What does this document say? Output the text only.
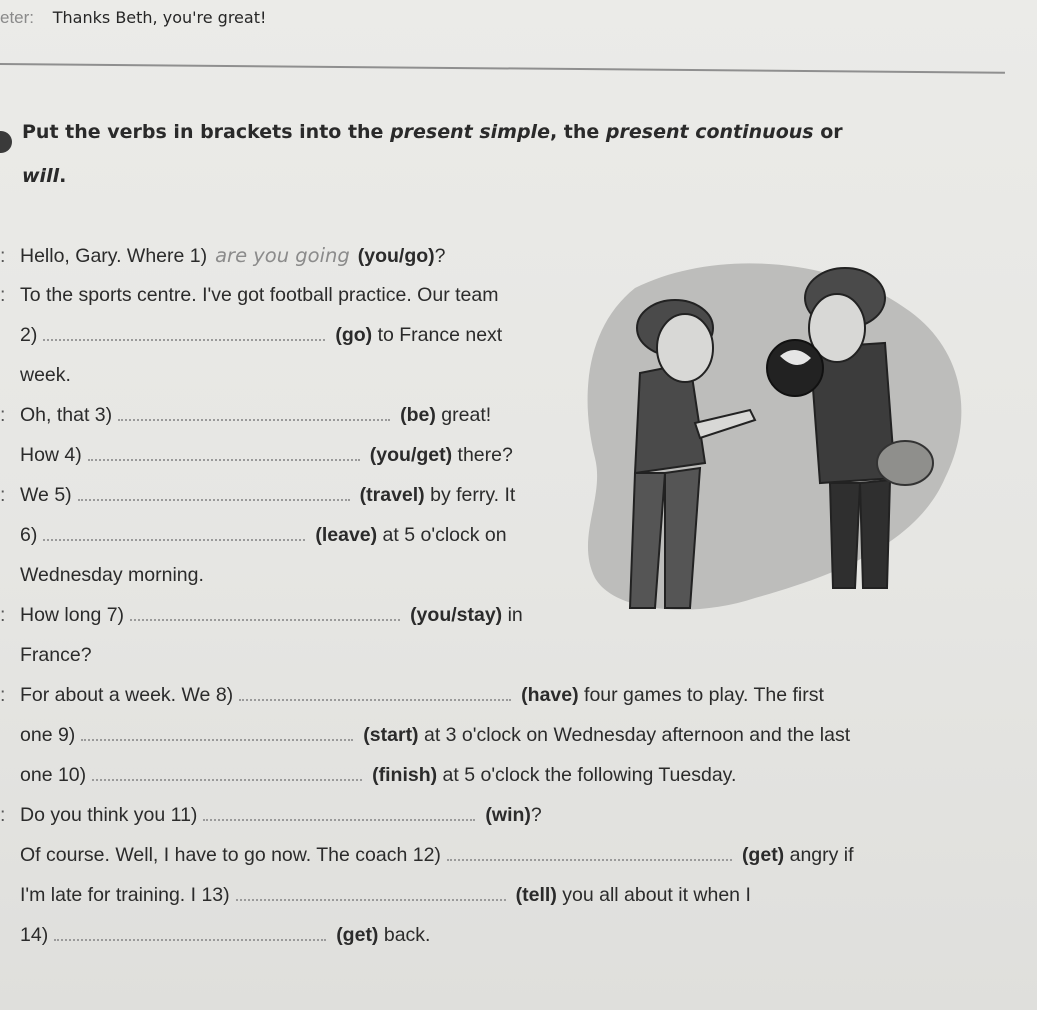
eter: Thanks Beth, you're great!
Put the verbs in brackets into the present simple, the present continuous or
will.
: Hello, Gary. Where 1) are you going (you/go)?
: To the sports centre. I've got football practice. Our team
2)	(go) to France next
week.
: Oh, that 3)	(be) great!
How 4)	(you/get) there?
: We 5)	(travel) by ferry. It
6)	(leave) at 5 o'clock on
Wednesday morning.
: How long 7)	(you/stay) in
France?
: For about a week. We 8)	(have) four games to play. The first
one 9)	(start) at 3 o'clock on Wednesday afternoon and the last
one 10)	(finish) at 5 o'clock the following Tuesday.
: Do you think you 11)	(win)?
Of course. Well, I have to go now. The coach 12)	(get) angry if
I'm late for training. I 13)	(tell) you all about it when I
14)	(get) back.
